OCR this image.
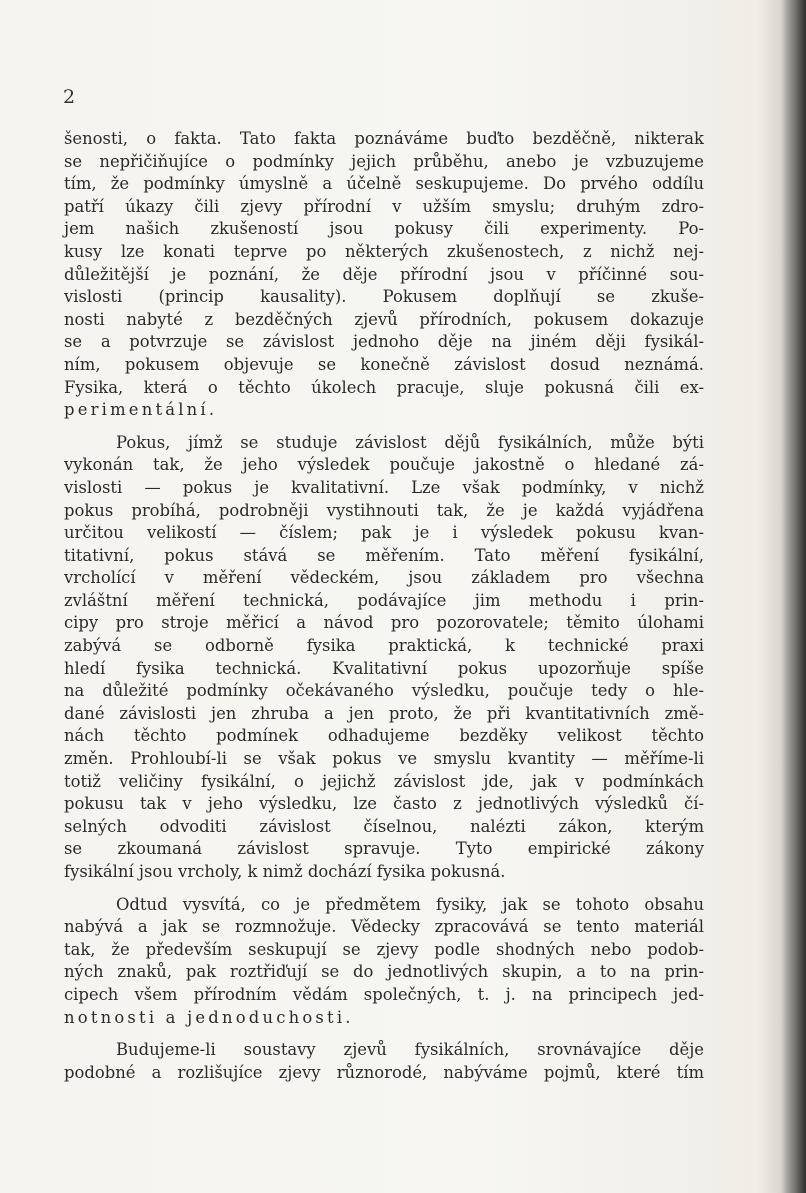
2

šenosti, o fakta. Tato fakta poznáváme buďto bezděčně, nikterak
se nepřičiňujíce o podmínky jejich průběhu, anebo je vzbuzujeme
tím, že podmínky úmyslně a účelně seskupujeme. Do prvého oddílu
patří úkazy čili zjevy přírodní v užším smyslu; druhým zdro-
jem našich zkušeností jsou pokusy čili experimenty. Po-
kusy lze konati teprve po některých zkušenostech, z nichž nej-
důležitější je poznání, že děje přírodní jsou v příčinné sou-
vislosti (princip kausality). Pokusem doplňují se zkuše-
nosti nabyté z bezděčných zjevů přírodních, pokusem dokazuje
se a potvrzuje se závislost jednoho děje na jiném ději fysikál-
ním, pokusem objevuje se konečně závislost dosud neznámá.
Fysika, která o těchto úkolech pracuje, sluje pokusná čili ex-
perimentální.

Pokus, jímž se studuje závislost dějů fysikálních, může býti
vykonán tak, že jeho výsledek poučuje jakostně o hledané zá-
vislosti — pokus je kvalitativní. Lze však podmínky, v nichž
pokus probíhá, podrobněji vystihnouti tak, že je každá vyjádřena
určitou velikostí — číslem; pak je i výsledek pokusu kvan-
titativní, pokus stává se měřením. Tato měření fysikální,
vrcholící v měření vědeckém, jsou základem pro všechna
zvláštní měření technická, podávajíce jim methodu i prin-
cipy pro stroje měřicí a návod pro pozorovatele; těmito úlohami
zabývá se odborně fysika praktická, k technické praxi
hledí fysika technická. Kvalitativní pokus upozorňuje spíše
na důležité podmínky očekávaného výsledku, poučuje tedy o hle-
dané závislosti jen zhruba a jen proto, že při kvantitativních změ-
nách těchto podmínek odhadujeme bezděky velikost těchto
změn. Prohloubí-li se však pokus ve smyslu kvantity — měříme-li
totiž veličiny fysikální, o jejichž závislost jde, jak v podmínkách
pokusu tak v jeho výsledku, lze často z jednotlivých výsledků čí-
selných odvoditi závislost číselnou, nalézti zákon, kterým
se zkoumaná závislost spravuje. Tyto empirické zákony
fysikální jsou vrcholy, k nimž dochází fysika pokusná.

Odtud vysvítá, co je předmětem fysiky, jak se tohoto obsahu
nabývá a jak se rozmnožuje. Vědecky zpracovává se tento materiál
tak, že především seskupují se zjevy podle shodných nebo podob-
ných znaků, pak roztřiďují se do jednotlivých skupin, a to na prin-
cipech všem přírodním vědám společných, t. j. na principech jed-
notnosti a jednoduchosti.

Budujeme-li soustavy zjevů fysikálních, srovnávajíce děje
podobné a rozlišujíce zjevy různorodé, nabýváme pojmů, které tím
